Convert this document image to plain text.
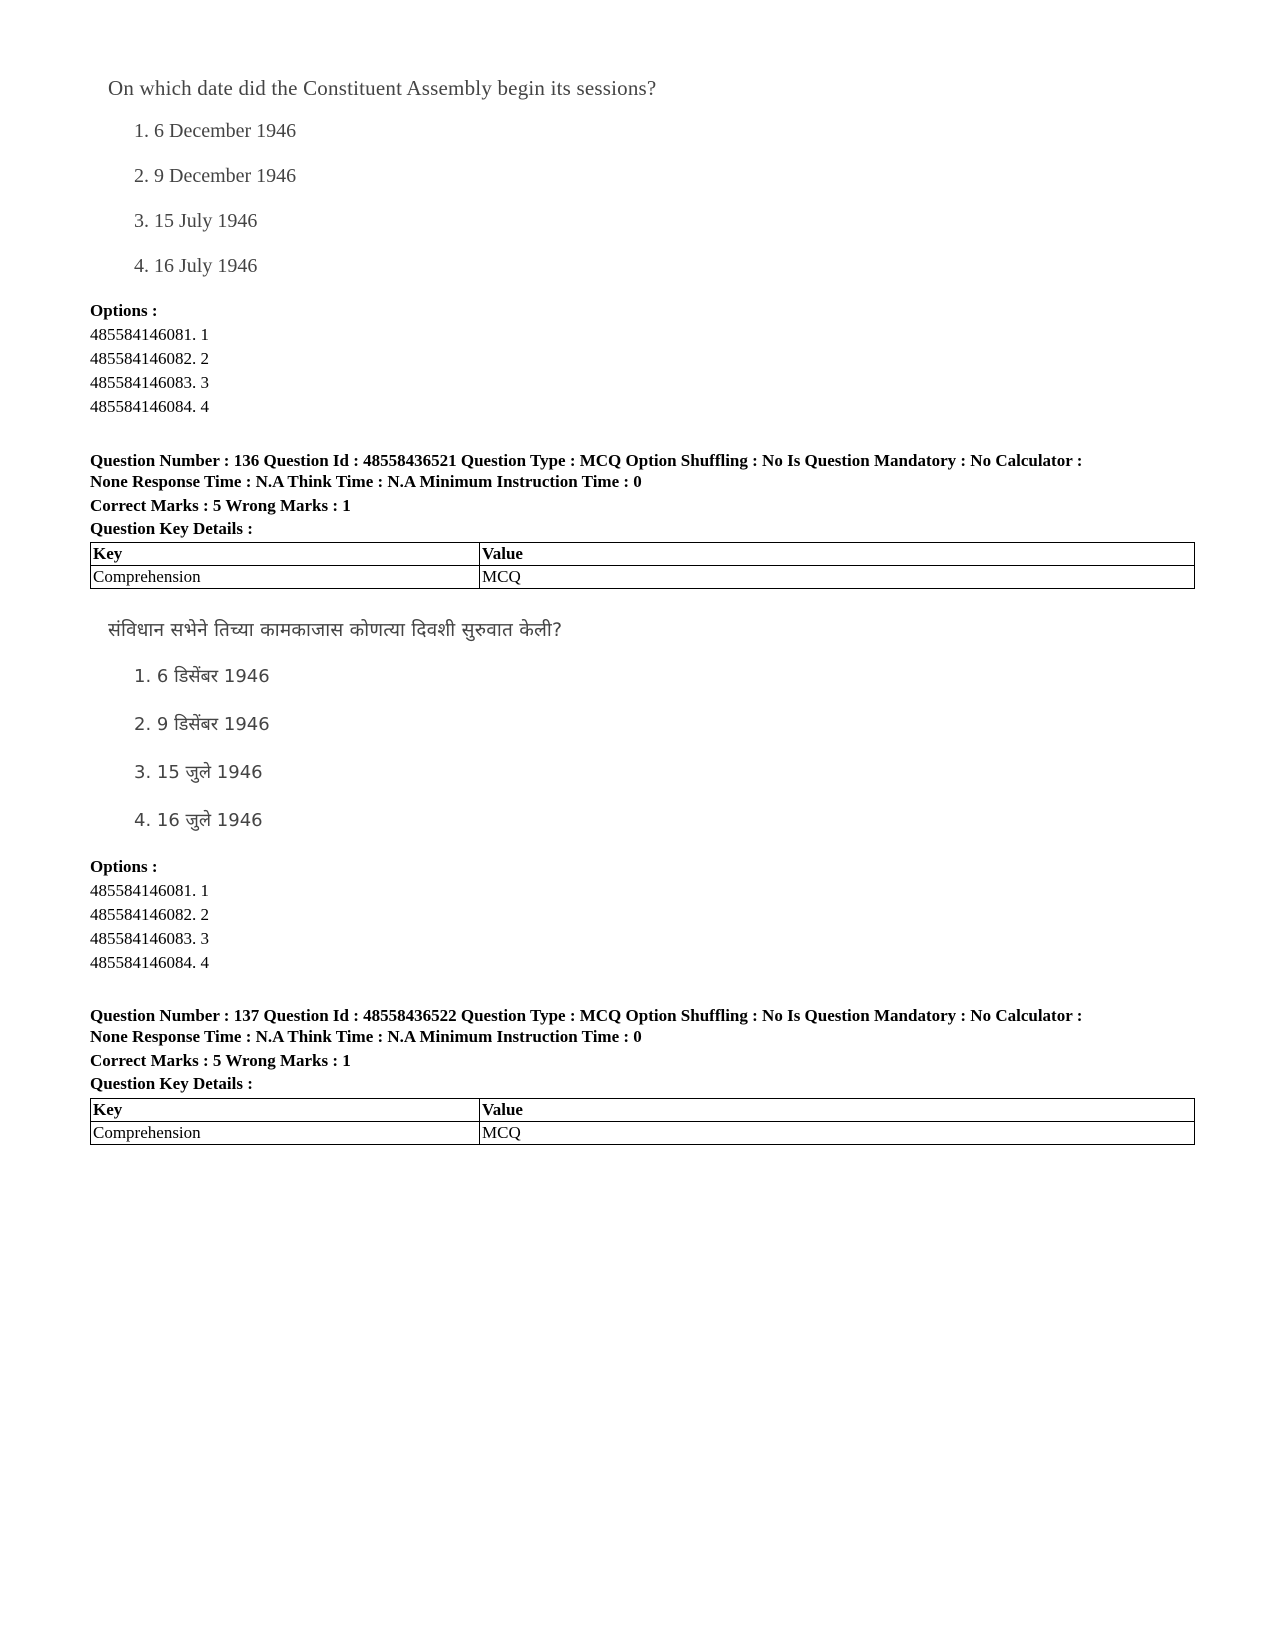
On which date did the Constituent Assembly begin its sessions?
1. 6 December 1946
2. 9 December 1946
3. 15 July 1946
4. 16 July 1946
Options :
485584146081. 1
485584146082. 2
485584146083. 3
485584146084. 4
Question Number : 136 Question Id : 48558436521 Question Type : MCQ Option Shuffling : No Is Question Mandatory : No Calculator :
None Response Time : N.A Think Time : N.A Minimum Instruction Time : 0
Correct Marks : 5 Wrong Marks : 1
Question Key Details :
Key	Value
Comprehension	MCQ
संविधान सभेने तिच्या कामकाजास कोणत्या दिवशी सुरुवात केली?
1. 6 डिसेंबर 1946
2. 9 डिसेंबर 1946
3. 15 जुले 1946
4. 16 जुले 1946
Options :
485584146081. 1
485584146082. 2
485584146083. 3
485584146084. 4
Question Number : 137 Question Id : 48558436522 Question Type : MCQ Option Shuffling : No Is Question Mandatory : No Calculator :
None Response Time : N.A Think Time : N.A Minimum Instruction Time : 0
Correct Marks : 5 Wrong Marks : 1
Question Key Details :
Key	Value
Comprehension	MCQ
